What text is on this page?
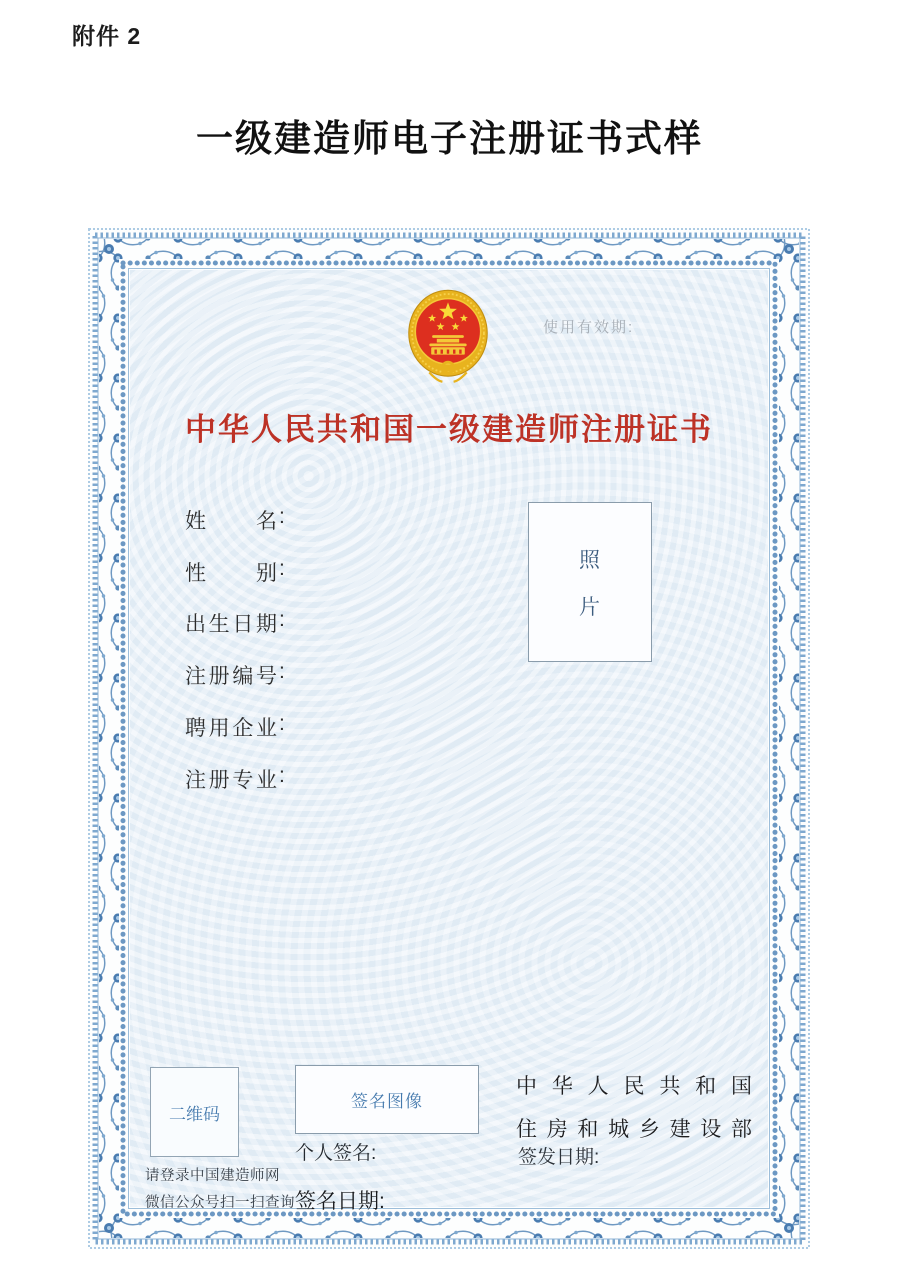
附件 2
一级建造师电子注册证书式样
使用有效期:
中华人民共和国一级建造师注册证书
姓名 :
性别 :
出生日期 :
注册编号 :
聘用企业 :
注册专业 :
照
片
二维码
请登录中国建造师网
微信公众号扫一扫查询
签名图像
个人签名:
签名日期:
中华人民共和国
住房和城乡建设部
签发日期:
